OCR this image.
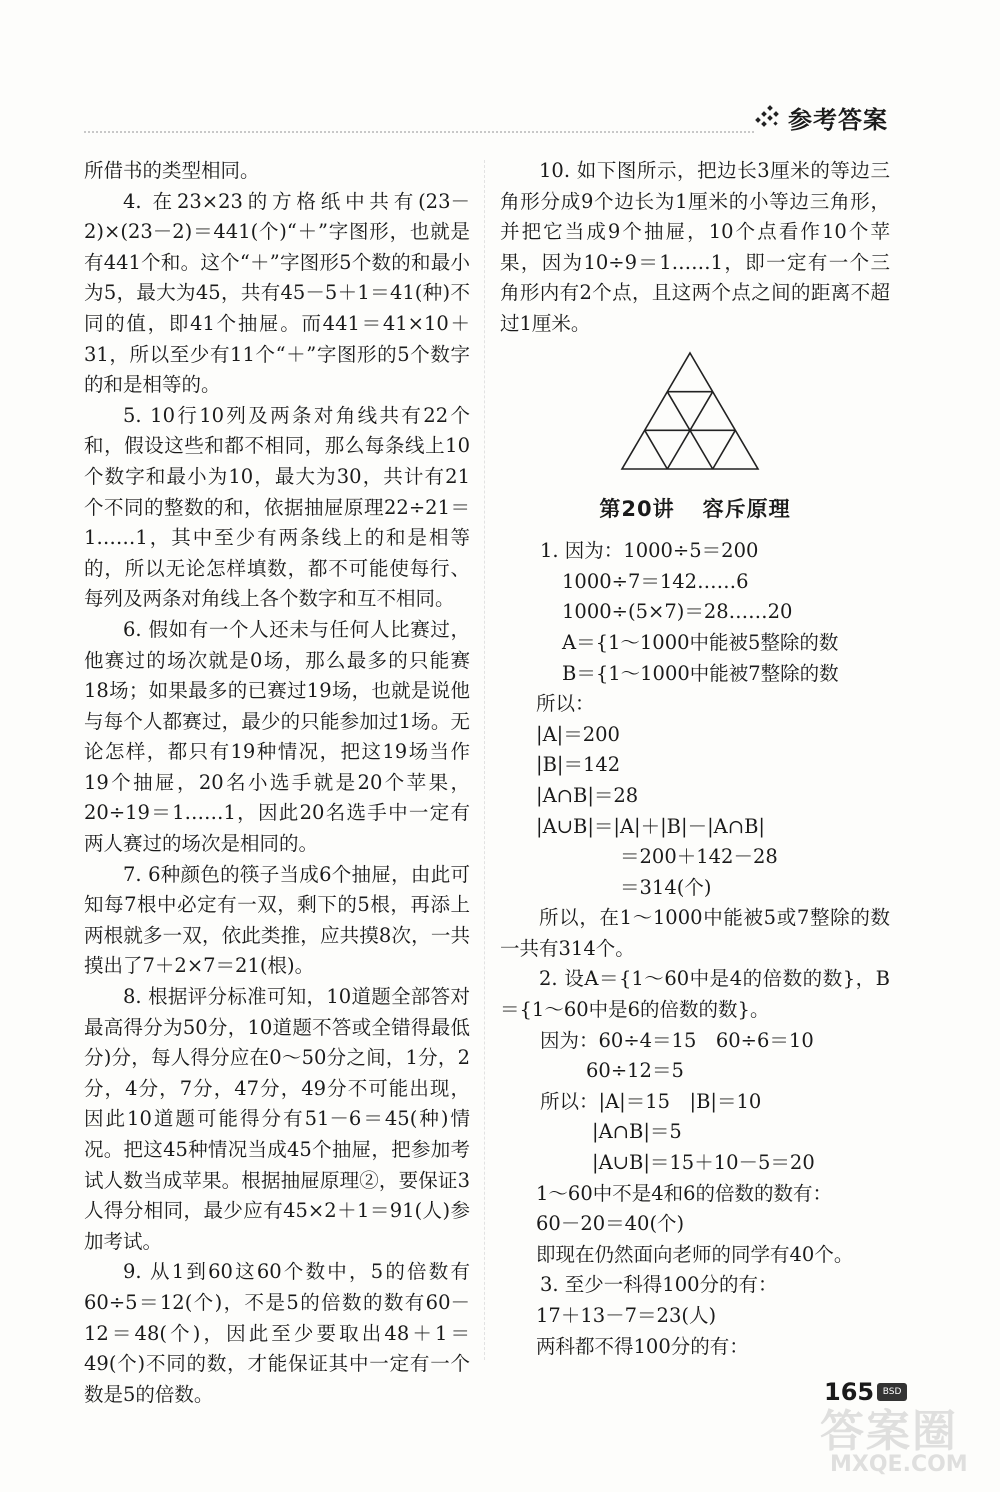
参考答案

所借书的类型相同。

4. 在23×23的方格纸中共有(23－2)×(23－2)＝441(个)“＋”字图形，也就是有441个和。这个“＋”字图形5个数的和最小为5，最大为45，共有45－5＋1＝41(种)不同的值，即41个抽屉。而441＝41×10＋31，所以至少有11个“＋”字图形的5个数字的和是相等的。

5. 10行10列及两条对角线共有22个和，假设这些和都不相同，那么每条线上10个数字和最小为10，最大为30，共计有21个不同的整数的和，依据抽屉原理22÷21＝1……1，其中至少有两条线上的和是相等的，所以无论怎样填数，都不可能使每行、每列及两条对角线上各个数字和互不相同。

6. 假如有一个人还未与任何人比赛过，他赛过的场次就是0场，那么最多的只能赛18场；如果最多的已赛过19场，也就是说他与每个人都赛过，最少的只能参加过1场。无论怎样，都只有19种情况，把这19场当作19个抽屉，20名小选手就是20个苹果，20÷19＝1……1，因此20名选手中一定有两人赛过的场次是相同的。

7. 6种颜色的筷子当成6个抽屉，由此可知每7根中必定有一双，剩下的5根，再添上两根就多一双，依此类推，应共摸8次，一共摸出了7＋2×7＝21(根)。

8. 根据评分标准可知，10道题全部答对最高得分为50分，10道题不答或全错得最低分)分，每人得分应在0～50分之间，1分，2分，4分，7分，47分，49分不可能出现，因此10道题可能得分有51－6＝45(种)情况。把这45种情况当成45个抽屉，把参加考试人数当成苹果。根据抽屉原理②，要保证3人得分相同，最少应有45×2＋1＝91(人)参加考试。

9. 从1到60这60个数中，5的倍数有60÷5＝12(个)，不是5的倍数的数有60－12＝48(个)，因此至少要取出48＋1＝49(个)不同的数，才能保证其中一定有一个数是5的倍数。

10. 如下图所示，把边长3厘米的等边三角形分成9个边长为1厘米的小等边三角形，并把它当成9个抽屉，10个点看作10个苹果，因为10÷9＝1……1，即一定有一个三角形内有2个点，且这两个点之间的距离不超过1厘米。

第20讲 容斥原理

1. 因为：1000÷5＝200

1000÷7＝142……6

1000÷(5×7)＝28……20

A＝{1～1000中能被5整除的数

B＝{1～1000中能被7整除的数

所以：

|A|＝200

|B|＝142

|A∩B|＝28

|A∪B|＝|A|＋|B|－|A∩B|

＝200＋142－28

＝314(个)

所以，在1～1000中能被5或7整除的数一共有314个。

2. 设A＝{1～60中是4的倍数的数}，B＝{1～60中是6的倍数的数}。

因为：60÷4＝15　60÷6＝10

60÷12＝5

所以：|A|＝15　|B|＝10

|A∩B|＝5

|A∪B|＝15＋10－5＝20

1～60中不是4和6的倍数的数有：

60－20＝40(个)

即现在仍然面向老师的同学有40个。

3. 至少一科得100分的有：

17＋13－7＝23(人)

两科都不得100分的有：

165 BSD
答案圈
MXQE.COM
